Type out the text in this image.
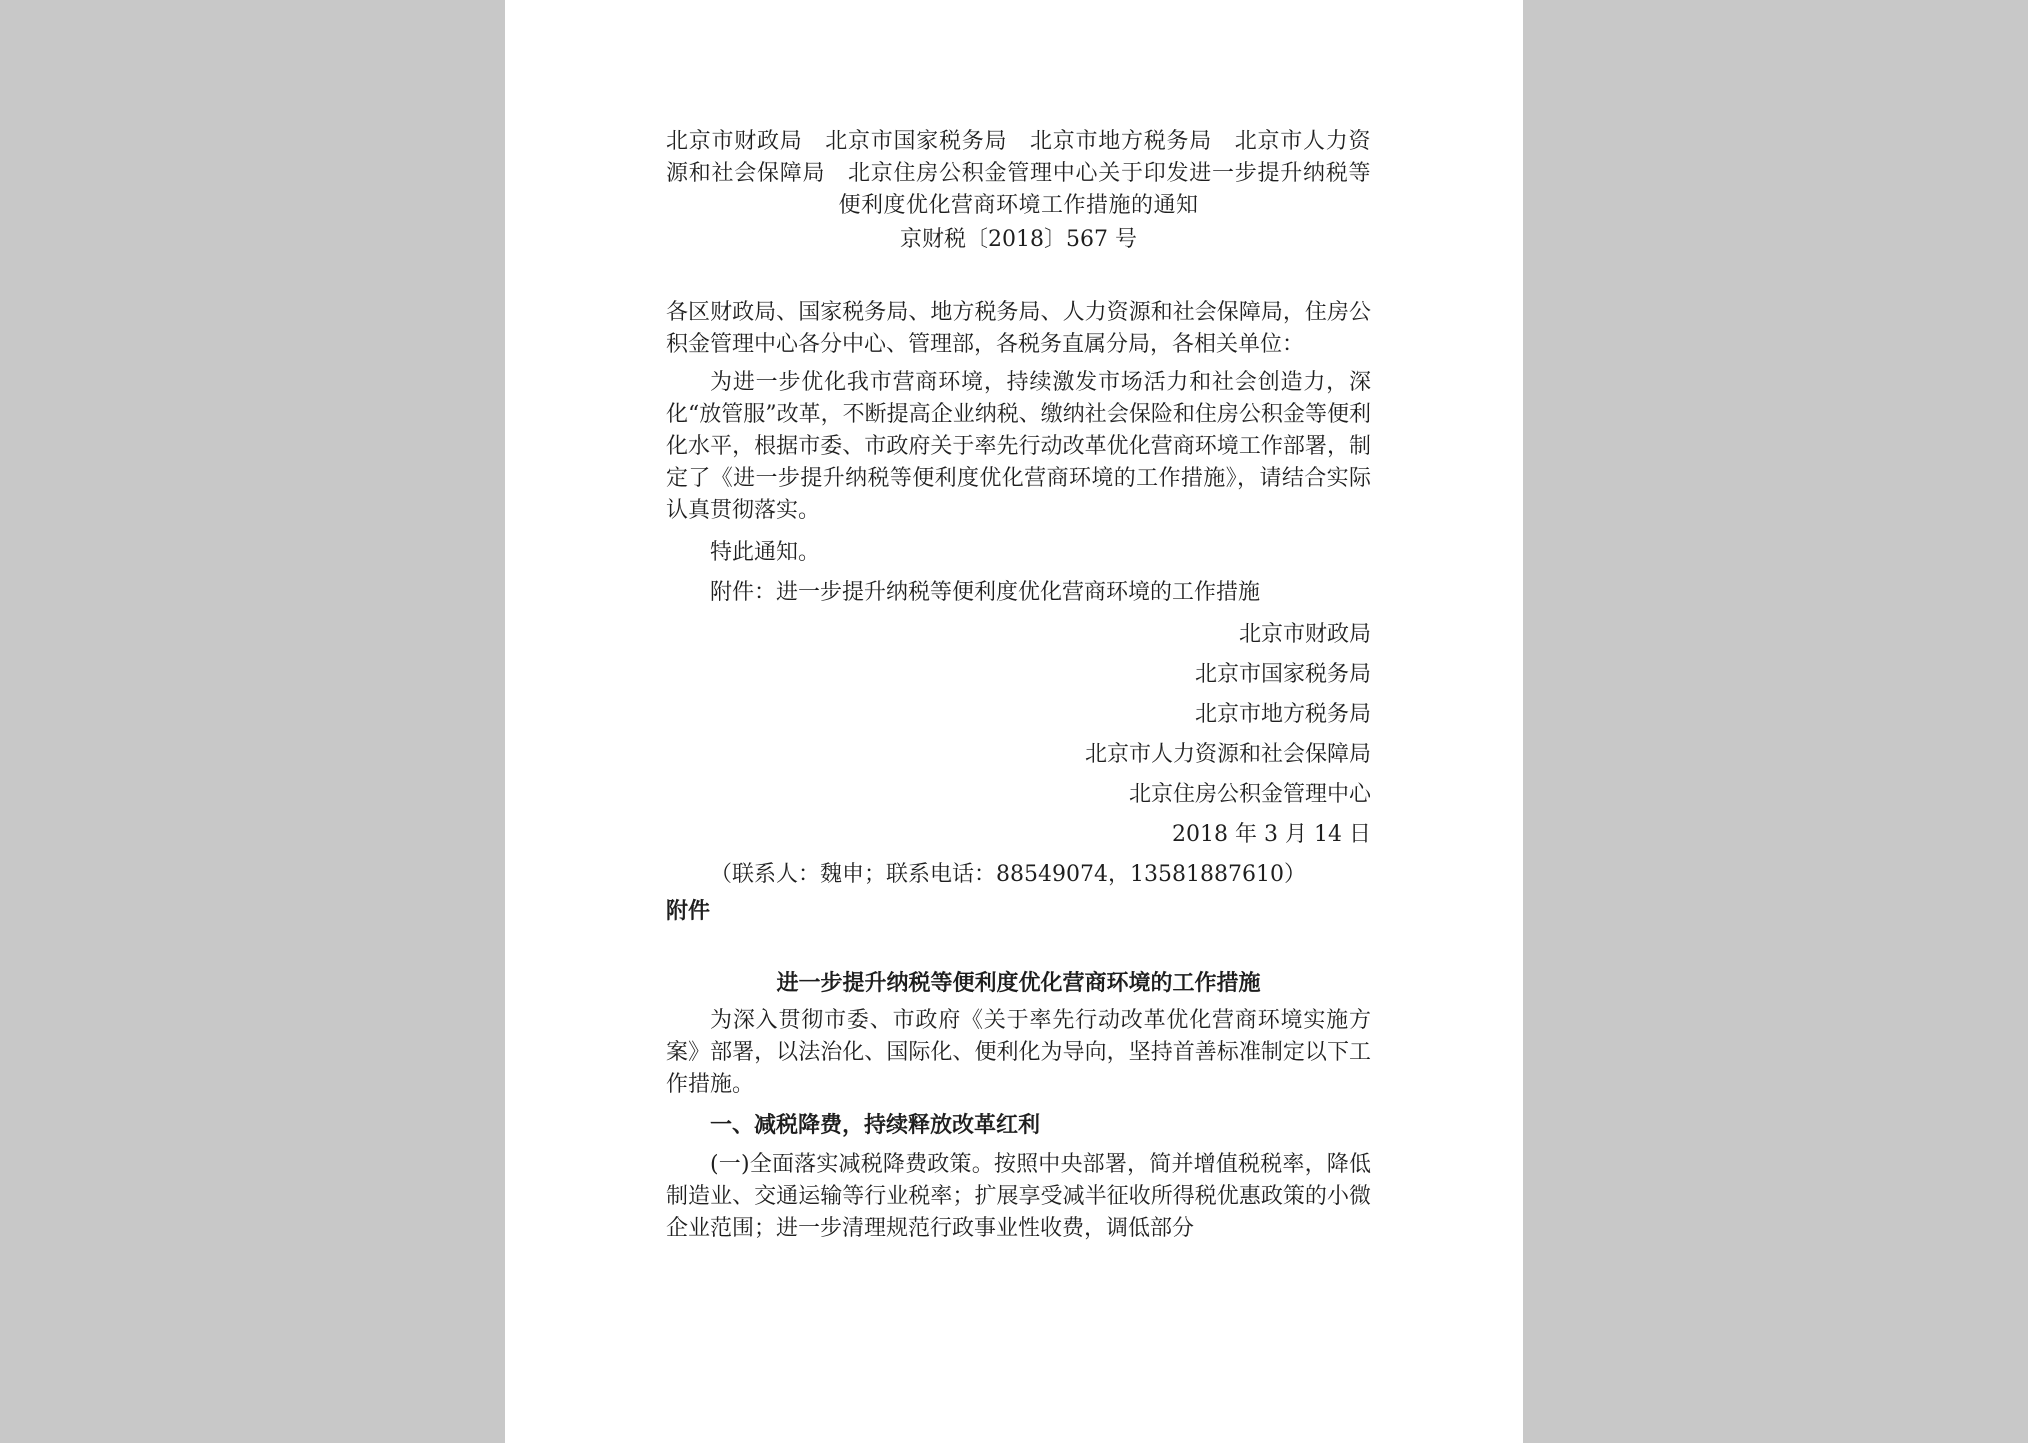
北京市财政局　北京市国家税务局　北京市地方税务局　北京市人力资源和社会保障局　北京住房公积金管理中心关于印发进一步提升纳税等便利度优化营商环境工作措施的通知

京财税〔2018〕567 号

各区财政局、国家税务局、地方税务局、人力资源和社会保障局，住房公积金管理中心各分中心、管理部，各税务直属分局，各相关单位：

为进一步优化我市营商环境，持续激发市场活力和社会创造力，深化“放管服”改革，不断提高企业纳税、缴纳社会保险和住房公积金等便利化水平，根据市委、市政府关于率先行动改革优化营商环境工作部署，制定了《进一步提升纳税等便利度优化营商环境的工作措施》，请结合实际认真贯彻落实。

特此通知。

附件：进一步提升纳税等便利度优化营商环境的工作措施

北京市财政局

北京市国家税务局

北京市地方税务局

北京市人力资源和社会保障局

北京住房公积金管理中心

2018 年 3 月 14 日

（联系人：魏申；联系电话：88549074，13581887610）

附件

进一步提升纳税等便利度优化营商环境的工作措施

为深入贯彻市委、市政府《关于率先行动改革优化营商环境实施方案》部署，以法治化、国际化、便利化为导向，坚持首善标准制定以下工作措施。

一、减税降费，持续释放改革红利

(一)全面落实减税降费政策。按照中央部署，简并增值税税率，降低制造业、交通运输等行业税率；扩展享受减半征收所得税优惠政策的小微企业范围；进一步清理规范行政事业性收费，调低部分
